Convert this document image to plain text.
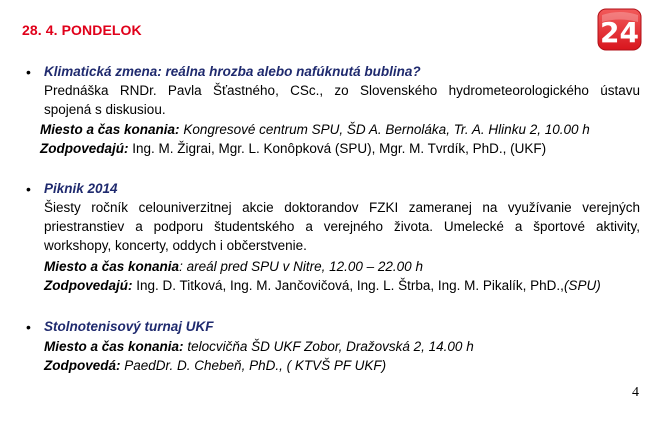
28. 4. PONDELOK	24
• Klimatická zmena: reálna hrozba alebo nafúknutá bublina?
Prednáška RNDr. Pavla Šťastného, CSc., zo Slovenského hydrometeorologického ústavu
spojená s diskusiou.
Miesto a čas konania: Kongresové centrum SPU, ŠD A. Bernoláka, Tr. A. Hlinku 2, 10.00 h
Zodpovedajú: Ing. M. Žigrai, Mgr. L. Konôpková (SPU), Mgr. M. Tvrdík, PhD., (UKF)
• Piknik 2014
Šiesty ročník celouniverzitnej akcie doktorandov FZKI zameranej na využívanie verejných
priestranstiev a podporu študentského a verejného života. Umelecké a športové aktivity,
workshopy, koncerty, oddych i občerstvenie.
Miesto a čas konania: areál pred SPU v Nitre, 12.00 – 22.00 h
Zodpovedajú: Ing. D. Titková, Ing. M. Jančovičová, Ing. L. Štrba, Ing. M. Pikalík, PhD.,(SPU)
• Stolnotenisový turnaj UKF
Miesto a čas konania: telocvičňa ŠD UKF Zobor, Dražovská 2, 14.00 h
Zodpovedá: PaedDr. D. Chebeň, PhD., ( KTVŠ PF UKF)
4
